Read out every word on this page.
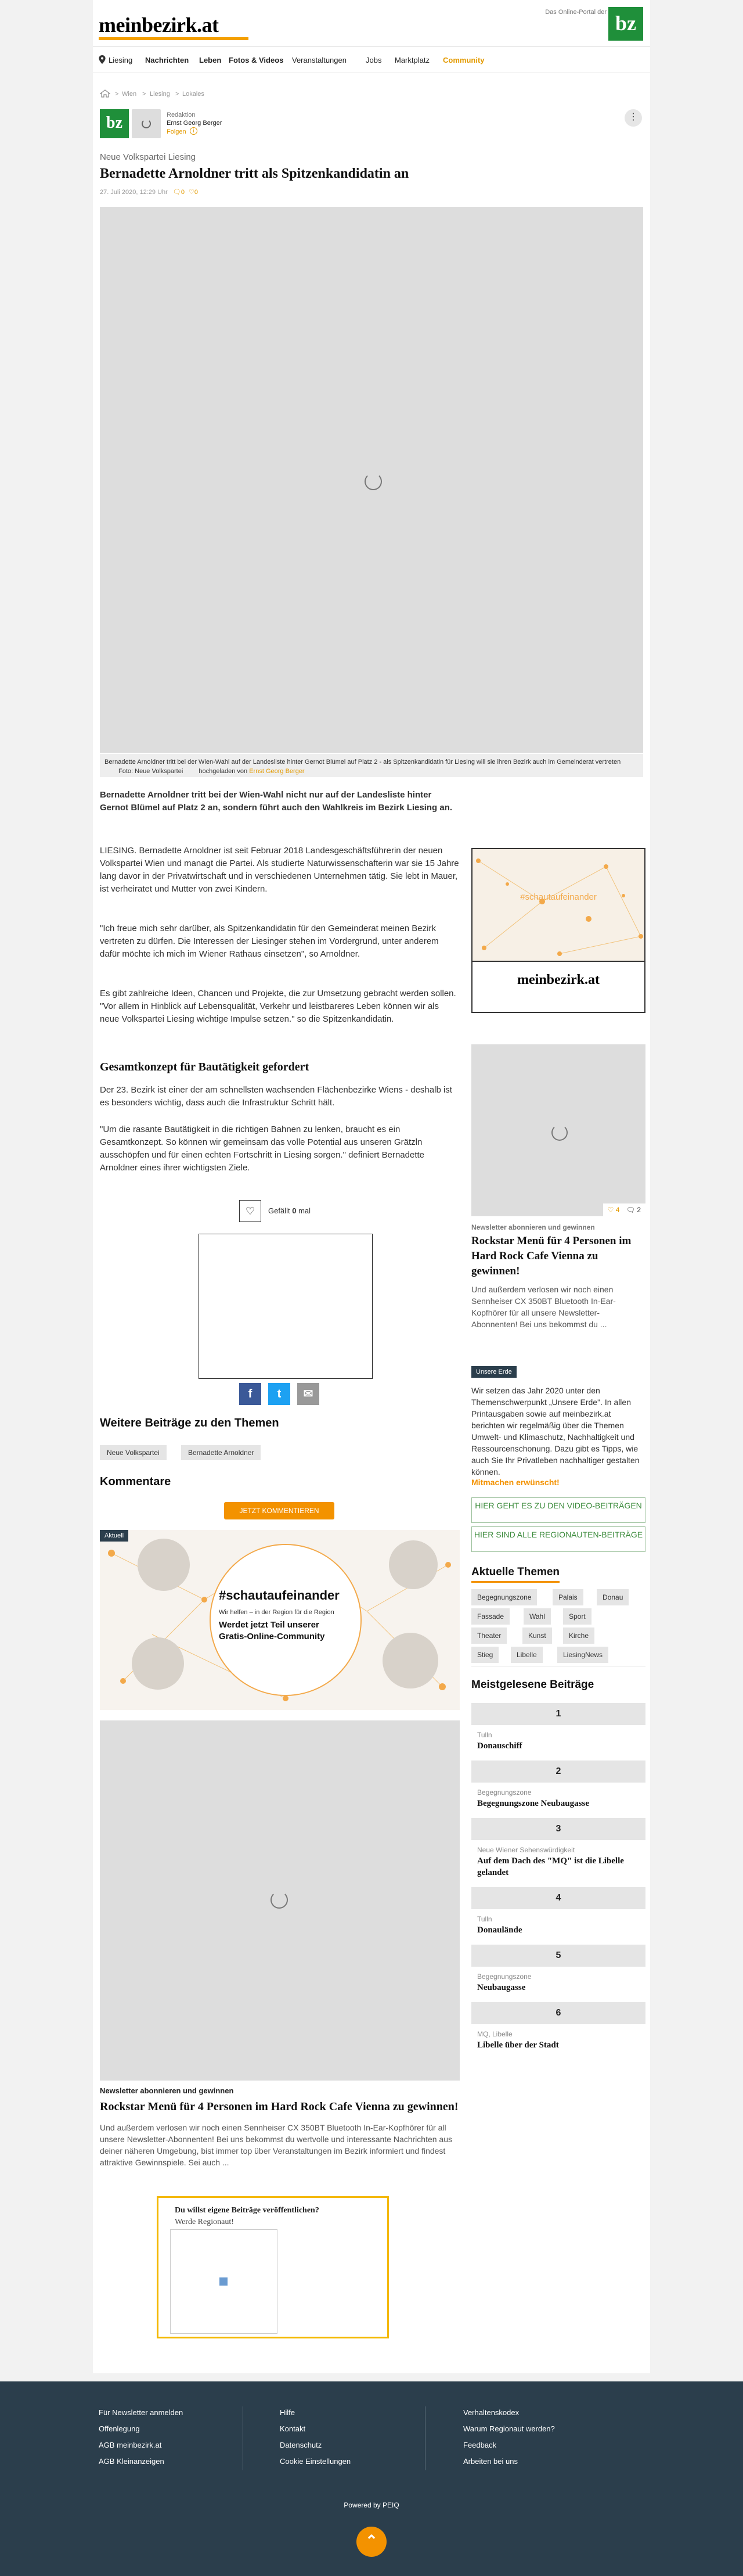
meinbezirk.at
Das Online-Portal der bz
Liesing Nachrichten Leben Fotos & Videos Veranstaltungen	Jobs Marktplatz Community
> Wien > Liesing > Lokales
bz	Redaktion
Ernst Georg Berger
Folgen	i
⋮
Neue Volkspartei Liesing
Bernadette Arnoldner tritt als Spitzenkandidatin an
27. Juli 2020, 12:29 Uhr 🗨0 ♡0
Bernadette Arnoldner tritt bei der Wien-Wahl auf der Landesliste hinter Gernot Blümel auf Platz 2 - als Spitzenkandidatin für Liesing will sie ihren Bezirk auch im Gemeinderat vertreten Foto: Neue Volkspartei hochgeladen von Ernst Georg Berger

Bernadette Arnoldner tritt bei der Wien-Wahl nicht nur auf der Landesliste hinter Gernot Blümel auf Platz 2 an, sondern führt auch den Wahlkreis im Bezirk Liesing an.

LIESING. Bernadette Arnoldner ist seit Februar 2018 Landesgeschäftsführerin der neuen Volkspartei Wien und managt die Partei. Als studierte Naturwissenschafterin war sie 15 Jahre lang davor in der Privatwirtschaft und in verschiedenen Unternehmen tätig. Sie lebt in Mauer, ist verheiratet und Mutter von zwei Kindern.

"Ich freue mich sehr darüber, als Spitzenkandidatin für den Gemeinderat meinen Bezirk vertreten zu dürfen. Die Interessen der Liesinger stehen im Vordergrund, unter anderem dafür möchte ich mich im Wiener Rathaus einsetzen", so Arnoldner.

Es gibt zahlreiche Ideen, Chancen und Projekte, die zur Umsetzung gebracht werden sollen. "Vor allem in Hinblick auf Lebensqualität, Verkehr und leistbareres Leben können wir als neue Volkspartei Liesing wichtige Impulse setzen." so die Spitzenkandidatin.

Gesamtkonzept für Bautätigkeit gefordert

Der 23. Bezirk ist einer der am schnellsten wachsenden Flächenbezirke Wiens - deshalb ist es besonders wichtig, dass auch die Infrastruktur Schritt hält.

"Um die rasante Bautätigkeit in die richtigen Bahnen zu lenken, braucht es ein Gesamtkonzept. So können wir gemeinsam das volle Potential aus unseren Grätzln ausschöpfen und für einen echten Fortschritt in Liesing sorgen." definiert Bernadette Arnoldner eines ihrer wichtigsten Ziele.

♡	Gefällt 0 mal
f	t	✉
Weitere Beiträge zu den Themen
Neue Volkspartei	Bernadette Arnoldner
Kommentare
JETZT KOMMENTIEREN
#schautaufeinander
Wir helfen – in der Region für die Region
Werdet jetzt Teil unserer
Gratis-Online-Community
Aktuell
Newsletter abonnieren und gewinnen
Rockstar Menü für 4 Personen im Hard Rock Cafe Vienna zu gewinnen!
Und außerdem verlosen wir noch einen Sennheiser CX 350BT Bluetooth In-Ear-Kopfhörer für all unsere Newsletter-Abonnenten! Bei uns bekommst du wertvolle und interessante Nachrichten aus deiner näheren Umgebung, bist immer top über Veranstaltungen im Bezirk informiert und findest attraktive Gewinnspiele. Sei auch ...
Du willst eigene Beiträge veröffentlichen?
Werde Regionaut!
#schautaufeinander
meinbezirk.at
♡ 4 🗨 2
Newsletter abonnieren und gewinnen
Rockstar Menü für 4 Personen im Hard Rock Cafe Vienna zu gewinnen!
Und außerdem verlosen wir noch einen Sennheiser CX 350BT Bluetooth In-Ear-Kopfhörer für all unsere Newsletter-Abonnenten! Bei uns bekommst du ...
Unsere Erde
Wir setzen das Jahr 2020 unter den Themenschwerpunkt „Unsere Erde". In allen Printausgaben sowie auf meinbezirk.at berichten wir regelmäßig über die Themen Umwelt- und Klimaschutz, Nachhaltigkeit und Ressourcenschonung. Dazu gibt es Tipps, wie auch Sie Ihr Privatleben nachhaltiger gestalten können.
Mitmachen erwünscht!
HIER GEHT ES ZU DEN VIDEO-BEITRÄGEN
HIER SIND ALLE REGIONAUTEN-BEITRÄGE
Aktuelle Themen
Begegnungszone	Palais	Donau
Fassade	Wahl	Sport
Theater	Kunst	Kirche
Stieg	Libelle	LiesingNews
Meistgelesene Beiträge
1
Tulln
Donauschiff
2
Begegnungszone
Begegnungszone Neubaugasse
3
Neue Wiener Sehenswürdigkeit
Auf dem Dach des "MQ" ist die Libelle gelandet
4
Tulln
Donaulände
5
Begegnungszone
Neubaugasse
6
MQ, Libelle
Libelle über der Stadt
Für Newsletter anmelden
Offenlegung
AGB meinbezirk.at
AGB Kleinanzeigen
Hilfe
Kontakt
Datenschutz
Cookie Einstellungen
Verhaltenskodex
Warum Regionaut werden?
Feedback
Arbeiten bei uns
Powered by PEIQ
⌃
